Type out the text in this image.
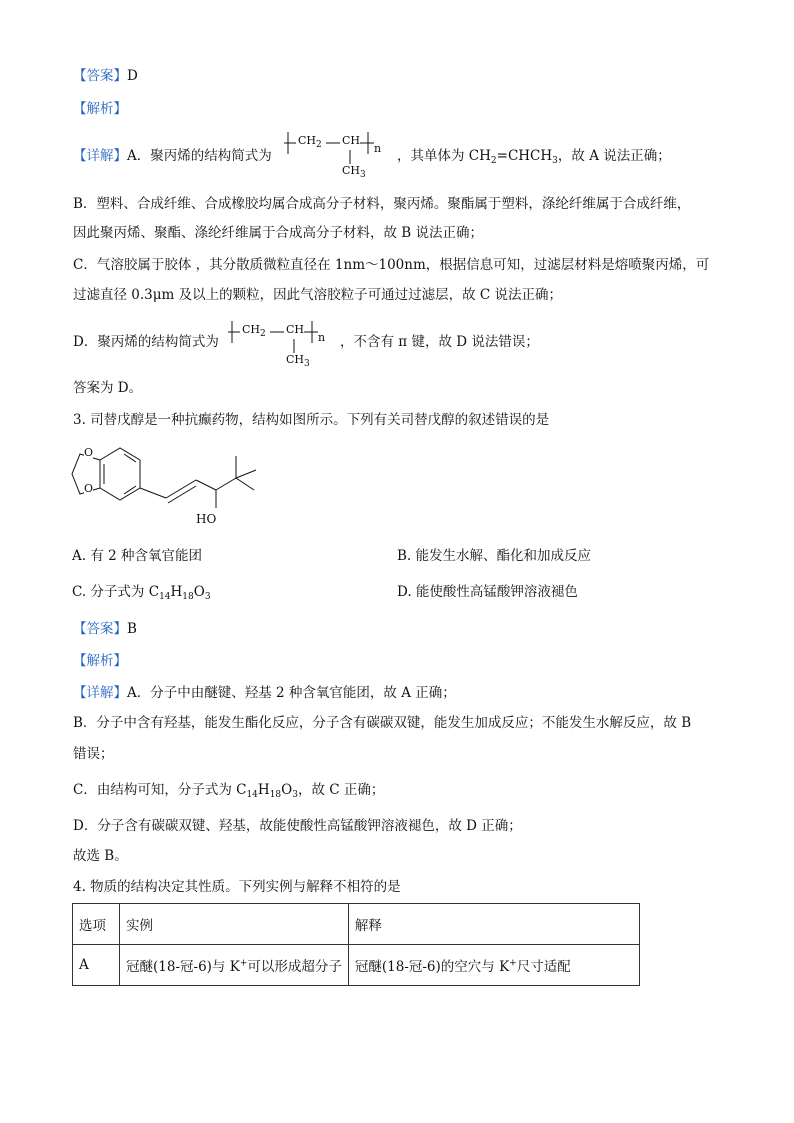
【答案】D
【解析】
【详解】A．聚丙烯的结构简式为
$CH_2$ CH
n
$CH_3$
，其单体为 $CH_2=CHCH_3$，故 A 说法正确；
B．塑料、合成纤维、合成橡胶均属合成高分子材料，聚丙烯。聚酯属于塑料，涤纶纤维属于合成纤维，
因此聚丙烯、聚酯、涤纶纤维属于合成高分子材料，故 B 说法正确；
C．气溶胶属于胶体 ，其分散质微粒直径在 1nm～100nm，根据信息可知，过滤层材料是熔喷聚丙烯，可
过滤直径 0.3μm 及以上的颗粒，因此气溶胶粒子可通过过滤层，故 C 说法正确；
D．聚丙烯的结构简式为
$CH_2$ CH
n
$CH_3$
，不含有 π 键，故 D 说法错误；
答案为 D。
3. 司替戊醇是一种抗癫药物，结构如图所示。下列有关司替戊醇的叙述错误的是
O
O
HO
A. 有 2 种含氧官能团	B. 能发生水解、酯化和加成反应
C. 分子式为 $C_{14}H_{18}O_3$	D. 能使酸性高锰酸钾溶液褪色
【答案】B
【解析】
【详解】A．分子中由醚键、羟基 2 种含氧官能团，故 A 正确；
B．分子中含有羟基，能发生酯化反应，分子含有碳碳双键，能发生加成反应；不能发生水解反应，故 B
错误；
C．由结构可知，分子式为 $C_{14}H_{18}O_3$，故 C 正确；
D．分子含有碳碳双键、羟基，故能使酸性高锰酸钾溶液褪色，故 D 正确；
故选 B。
4. 物质的结构决定其性质。下列实例与解释不相符的是
选项	实例	解释
A	冠醚(18-冠-6)与 K+可以形成超分子	冠醚(18-冠-6)的空穴与 K+尺寸适配
